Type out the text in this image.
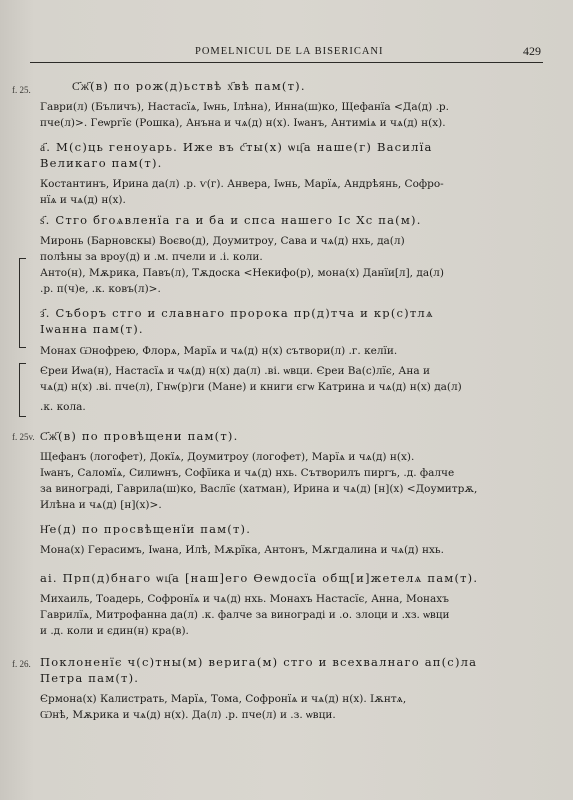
POMELNICUL DE LA BISERICANI	429
f. 25.
f. 25v.
f. 26.
С҃ж҃(в) по рож(д)ьствѣ х҃вѣ пам(т).
Гаври(л) (Бъличъ), Настасїѧ, Іѡнь, Ілѣна), Инна(ш)ко, Щефанїа <Да(д) .р.
пче(л)>. Геѡргїє (Рошка), Анъна и чѧ(д) н(х). Іѡанъ, Антиміѧ и чѧ(д) н(х).
а҃. М(с)ць геноуарь. Иже въ с҃ты(х) ѡц҃а наше(г) Василїа
Великаго пам(т).
Костантинъ, Ирина да(л) .р. ѵ(г). Анвера, Іѡнь, Марїѧ, Андрѣянь, Софро-
нїѧ и чѧ(д) н(х).
ѕ҃. Стго бгоѧвленїа га и ба и спса нашего Іс Хс па(м).
Миронь (Барновскы) Воєво(д), Доумитроу, Сава и чѧ(д) нхь, да(л)
полѣны за вроу(д) и .м. пчели и .і. коли.
Анто(н), Мѫрика, Павъ(л), Тѫдоска <Некифо(р), мона(х) Данїи[л], да(л)
.р. п(ч)е, .к. ковъ(л)>.
з҃. Съборъ стго и славнаго пророка пр(д)тча и кр(с)тлѧ
Іѡанна пам(т).
Монах Ѡнофрею, Флорѧ, Марїѧ и чѧ(д) н(х) сътвори(л) .г. келїи.
Єреи Иѡа(н), Настасїѧ и чѧ(д) н(х) да(л) .ві. ѡвци. Єреи Ва(с)лїє, Ана и
чѧ(д) н(х) .ві. пче(л), Гнѡ(р)ги (Мане) и книги єгѡ Катрина и чѧ(д) н(х) да(л)
.к. кола.
С҃ж҃(в) по провѣщени пам(т).
Щефанъ (логофет), Докїѧ, Доумитроу (логофет), Марїѧ и чѧ(д) н(х).
Іѡанъ, Саломїѧ, Силиѡнъ, Софїика и чѧ(д) нхь. Сътворилъ пиргъ, .д. фалче
за винограді, Гаврила(ш)ко, Васлїє (хатман), Ирина и чѧ(д) [н](х) <Доумитрѫ,
Илѣна и чѧ(д) [н](х)>.
Н҃е(д) по просвѣщенїи пам(т).
Мона(х) Герасимъ, Іѡана, Илѣ, Мѫрїка, Антонъ, Мѫгдалина и чѧ(д) нхь.
аі. Прп(д)бнаго ѡц҃а [наш]его Ѳеѡдосїа общ[и]жетелѧ пам(т).
Михаиль, Тоадерь, Софронїѧ и чѧ(д) нхь. Монахъ Настасїє, Анна, Монахъ
Гаврилїѧ, Митрофанна да(л) .к. фалче за винограді и .о. злоци и .хз. ѡвци
и .д. коли и єдин(н) кра(в).
Поклоненїє ч(с)тны(м) верига(м) стго и всехвалнаго ап(с)ла
Петра пам(т).
Єрмона(х) Калистрать, Марїѧ, Тома, Софронїѧ и чѧ(д) н(х). Іѫнтѧ,
Ѡнѣ, Мѫрика и чѧ(д) н(х). Да(л) .р. пче(л) и .з. ѡвци.
